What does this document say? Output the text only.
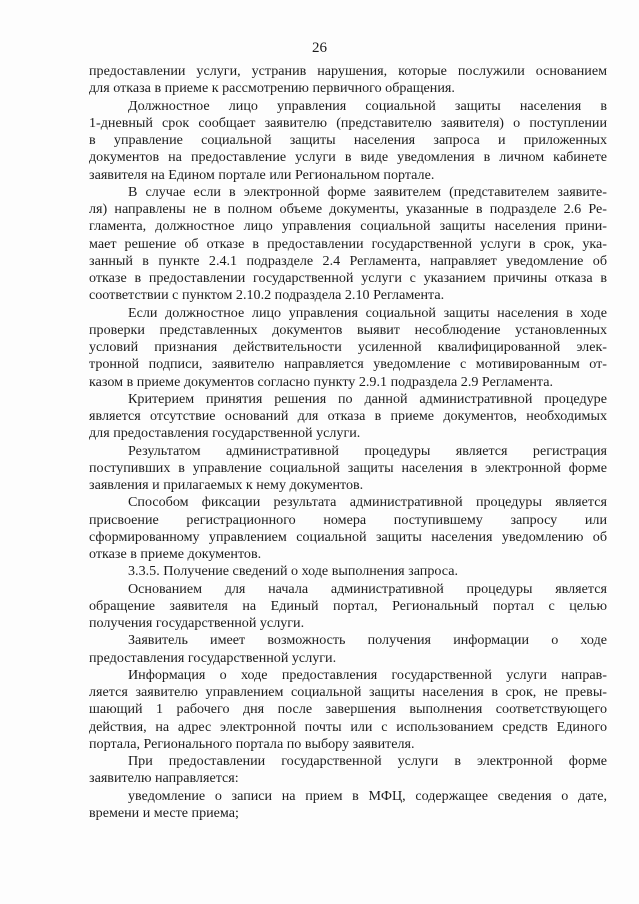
26
предоставлении услуги, устранив нарушения, которые послужили основанием
для отказа в приеме к рассмотрению первичного обращения.
Должностное лицо управления социальной защиты населения в
1-дневный срок сообщает заявителю (представителю заявителя) о поступлении
в управление социальной защиты населения запроса и приложенных
документов на предоставление услуги в виде уведомления в личном кабинете
заявителя на Едином портале или Региональном портале.
В случае если в электронной форме заявителем (представителем заявите-
ля) направлены не в полном объеме документы, указанные в подразделе 2.6 Ре-
гламента, должностное лицо управления социальной защиты населения прини-
мает решение об отказе в предоставлении государственной услуги в срок, ука-
занный в пункте 2.4.1 подразделе 2.4 Регламента, направляет уведомление об
отказе в предоставлении государственной услуги с указанием причины отказа в
соответствии с пунктом 2.10.2 подраздела 2.10 Регламента.
Если должностное лицо управления социальной защиты населения в ходе
проверки представленных документов выявит несоблюдение установленных
условий признания действительности усиленной квалифицированной элек-
тронной подписи, заявителю направляется уведомление с мотивированным от-
казом в приеме документов согласно пункту 2.9.1 подраздела 2.9 Регламента.
Критерием принятия решения по данной административной процедуре
является отсутствие оснований для отказа в приеме документов, необходимых
для предоставления государственной услуги.
Результатом административной процедуры является регистрация
поступивших в управление социальной защиты населения в электронной форме
заявления и прилагаемых к нему документов.
Способом фиксации результата административной процедуры является
присвоение регистрационного номера поступившему запросу или
сформированному управлением социальной защиты населения уведомлению об
отказе в приеме документов.
3.3.5. Получение сведений о ходе выполнения запроса.
Основанием для начала административной процедуры является
обращение заявителя на Единый портал, Региональный портал с целью
получения государственной услуги.
Заявитель имеет возможность получения информации о ходе
предоставления государственной услуги.
Информация о ходе предоставления государственной услуги направ-
ляется заявителю управлением социальной защиты населения в срок, не превы-
шающий 1 рабочего дня после завершения выполнения соответствующего
действия, на адрес электронной почты или с использованием средств Единого
портала, Регионального портала по выбору заявителя.
При предоставлении государственной услуги в электронной форме
заявителю направляется:
уведомление о записи на прием в МФЦ, содержащее сведения о дате,
времени и месте приема;
